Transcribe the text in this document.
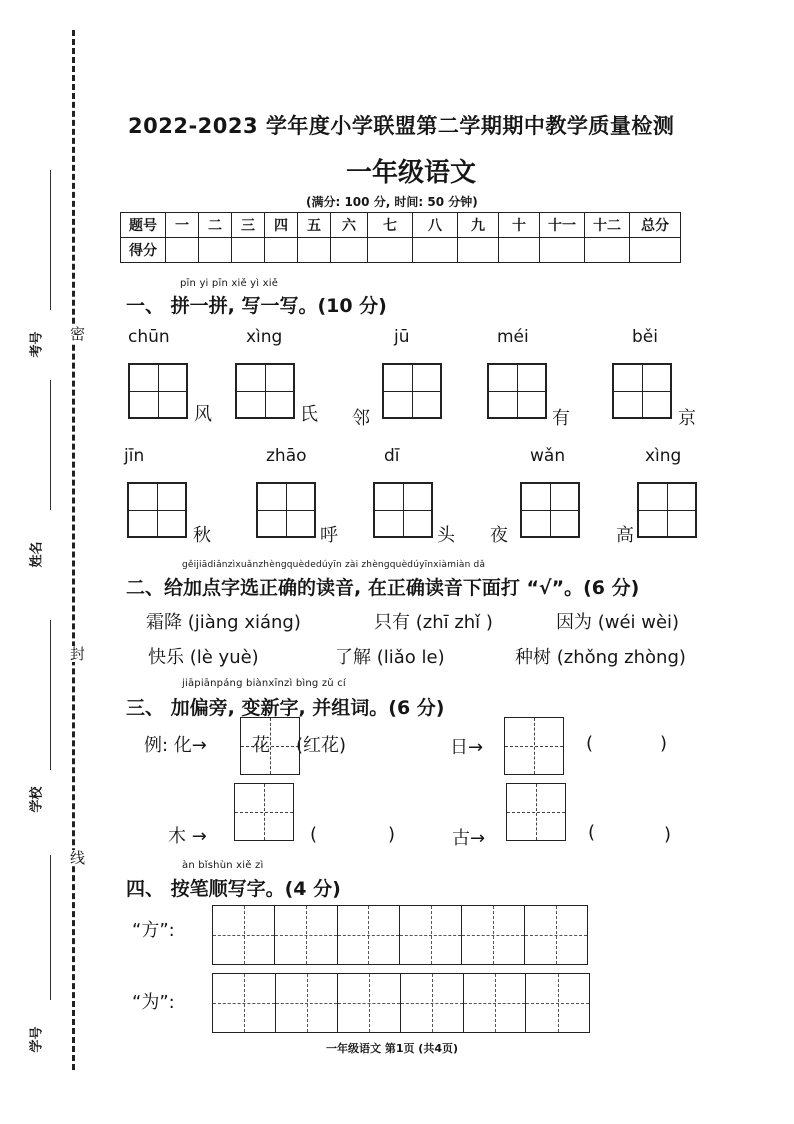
考号
姓名
学校
学号
密
封
线
2022-2023 学年度小学联盟第二学期期中教学质量检测
一年级语文
(满分: 100 分, 时间: 50 分钟)
题号	一	二	三	四	五	六	七	八	九	十	十一	十二	总分
得分													
pīn yi pīn xiě yì xiě
一、 拼一拼, 写一写。(10 分)
chūn	xìng	jū	méi	běi
风	氏 邻	有	京
jīn	zhāo	dī	wǎn	xìng
秋	呼	头 夜	高
gěijiādiǎnzìxuǎnzhèngquèdedúyīn zài zhèngquèdúyīnxiàmiàn dǎ
二、给加点字选正确的读音, 在正确读音下面打 “√”。(6 分)
霜降 (jiàng xiáng)	只有 (zhī zhǐ )	因为 (wéi wèi)
快乐 (lè yuè)	了解 (liǎo le)	种树 (zhǒng zhòng)
jiāpiānpáng biànxīnzì bìng zǔ cí
三、 加偏旁, 变新字, 并组词。(6 分)
例: 化→	花 (红花)	日→	(	)
木 →	(	)	古→	(	)
àn bǐshùn xiě zì
四、 按笔顺写字。(4 分)
“方”:
“为”:
一年级语文 第1页 (共4页)
